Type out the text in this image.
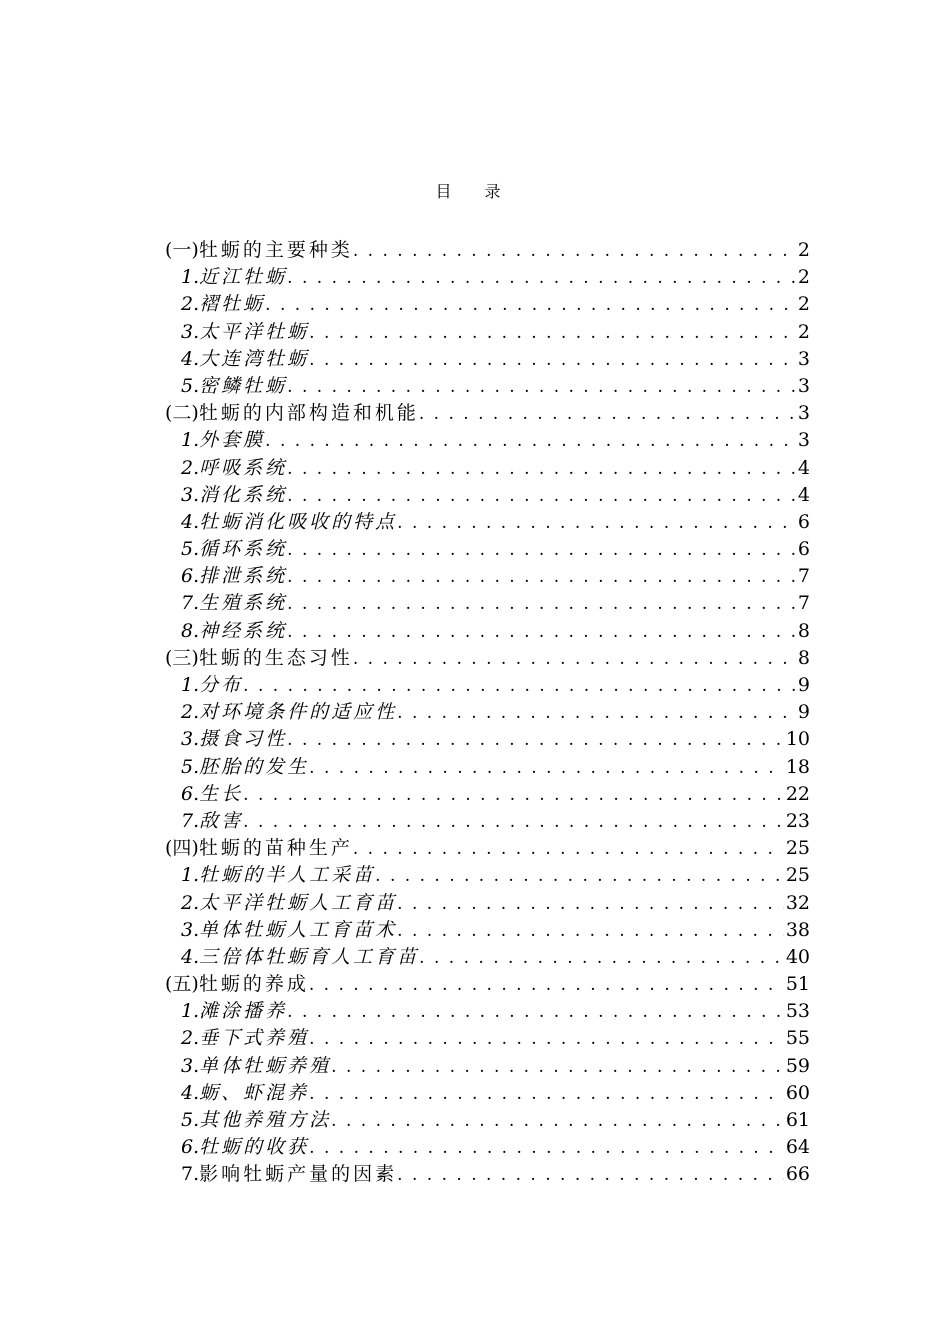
目 录
(一) 牡蛎的主要种类 . . .	2
1. 近江牡蛎 . . .	2
2. 褶牡蛎 . . .	2
3. 太平洋牡蛎 . . .	2
4. 大连湾牡蛎 . . .	3
5. 密鳞牡蛎 . . .	3
(二) 牡蛎的内部构造和机能 . . .	3
1. 外套膜 . . .	3
2. 呼吸系统 . . .	4
3. 消化系统 . . .	4
4. 牡蛎消化吸收的特点 . . .	6
5. 循环系统 . . .	6
6. 排泄系统 . . .	7
7. 生殖系统 . . .	7
8. 神经系统 . . .	8
(三) 牡蛎的生态习性 . . .	8
1. 分布 . . .	9
2. 对环境条件的适应性 . . .	9
3. 摄食习性 . . .	10
5. 胚胎的发生 . . .	18
6. 生长 . . .	22
7. 敌害 . . .	23
(四) 牡蛎的苗种生产 . . .	25
1. 牡蛎的半人工采苗 . . .	25
2. 太平洋牡蛎人工育苗 . . .	32
3. 单体牡蛎人工育苗术 . . .	38
4. 三倍体牡蛎育人工育苗 . . .	40
(五) 牡蛎的养成 . . .	51
1. 滩涂播养 . . .	53
2. 垂下式养殖 . . .	55
3. 单体牡蛎养殖 . . .	59
4. 蛎、虾混养 . . .	60
5. 其他养殖方法 . . .	61
6. 牡蛎的收获 . . .	64
7. 影响牡蛎产量的因素 . . .	66
